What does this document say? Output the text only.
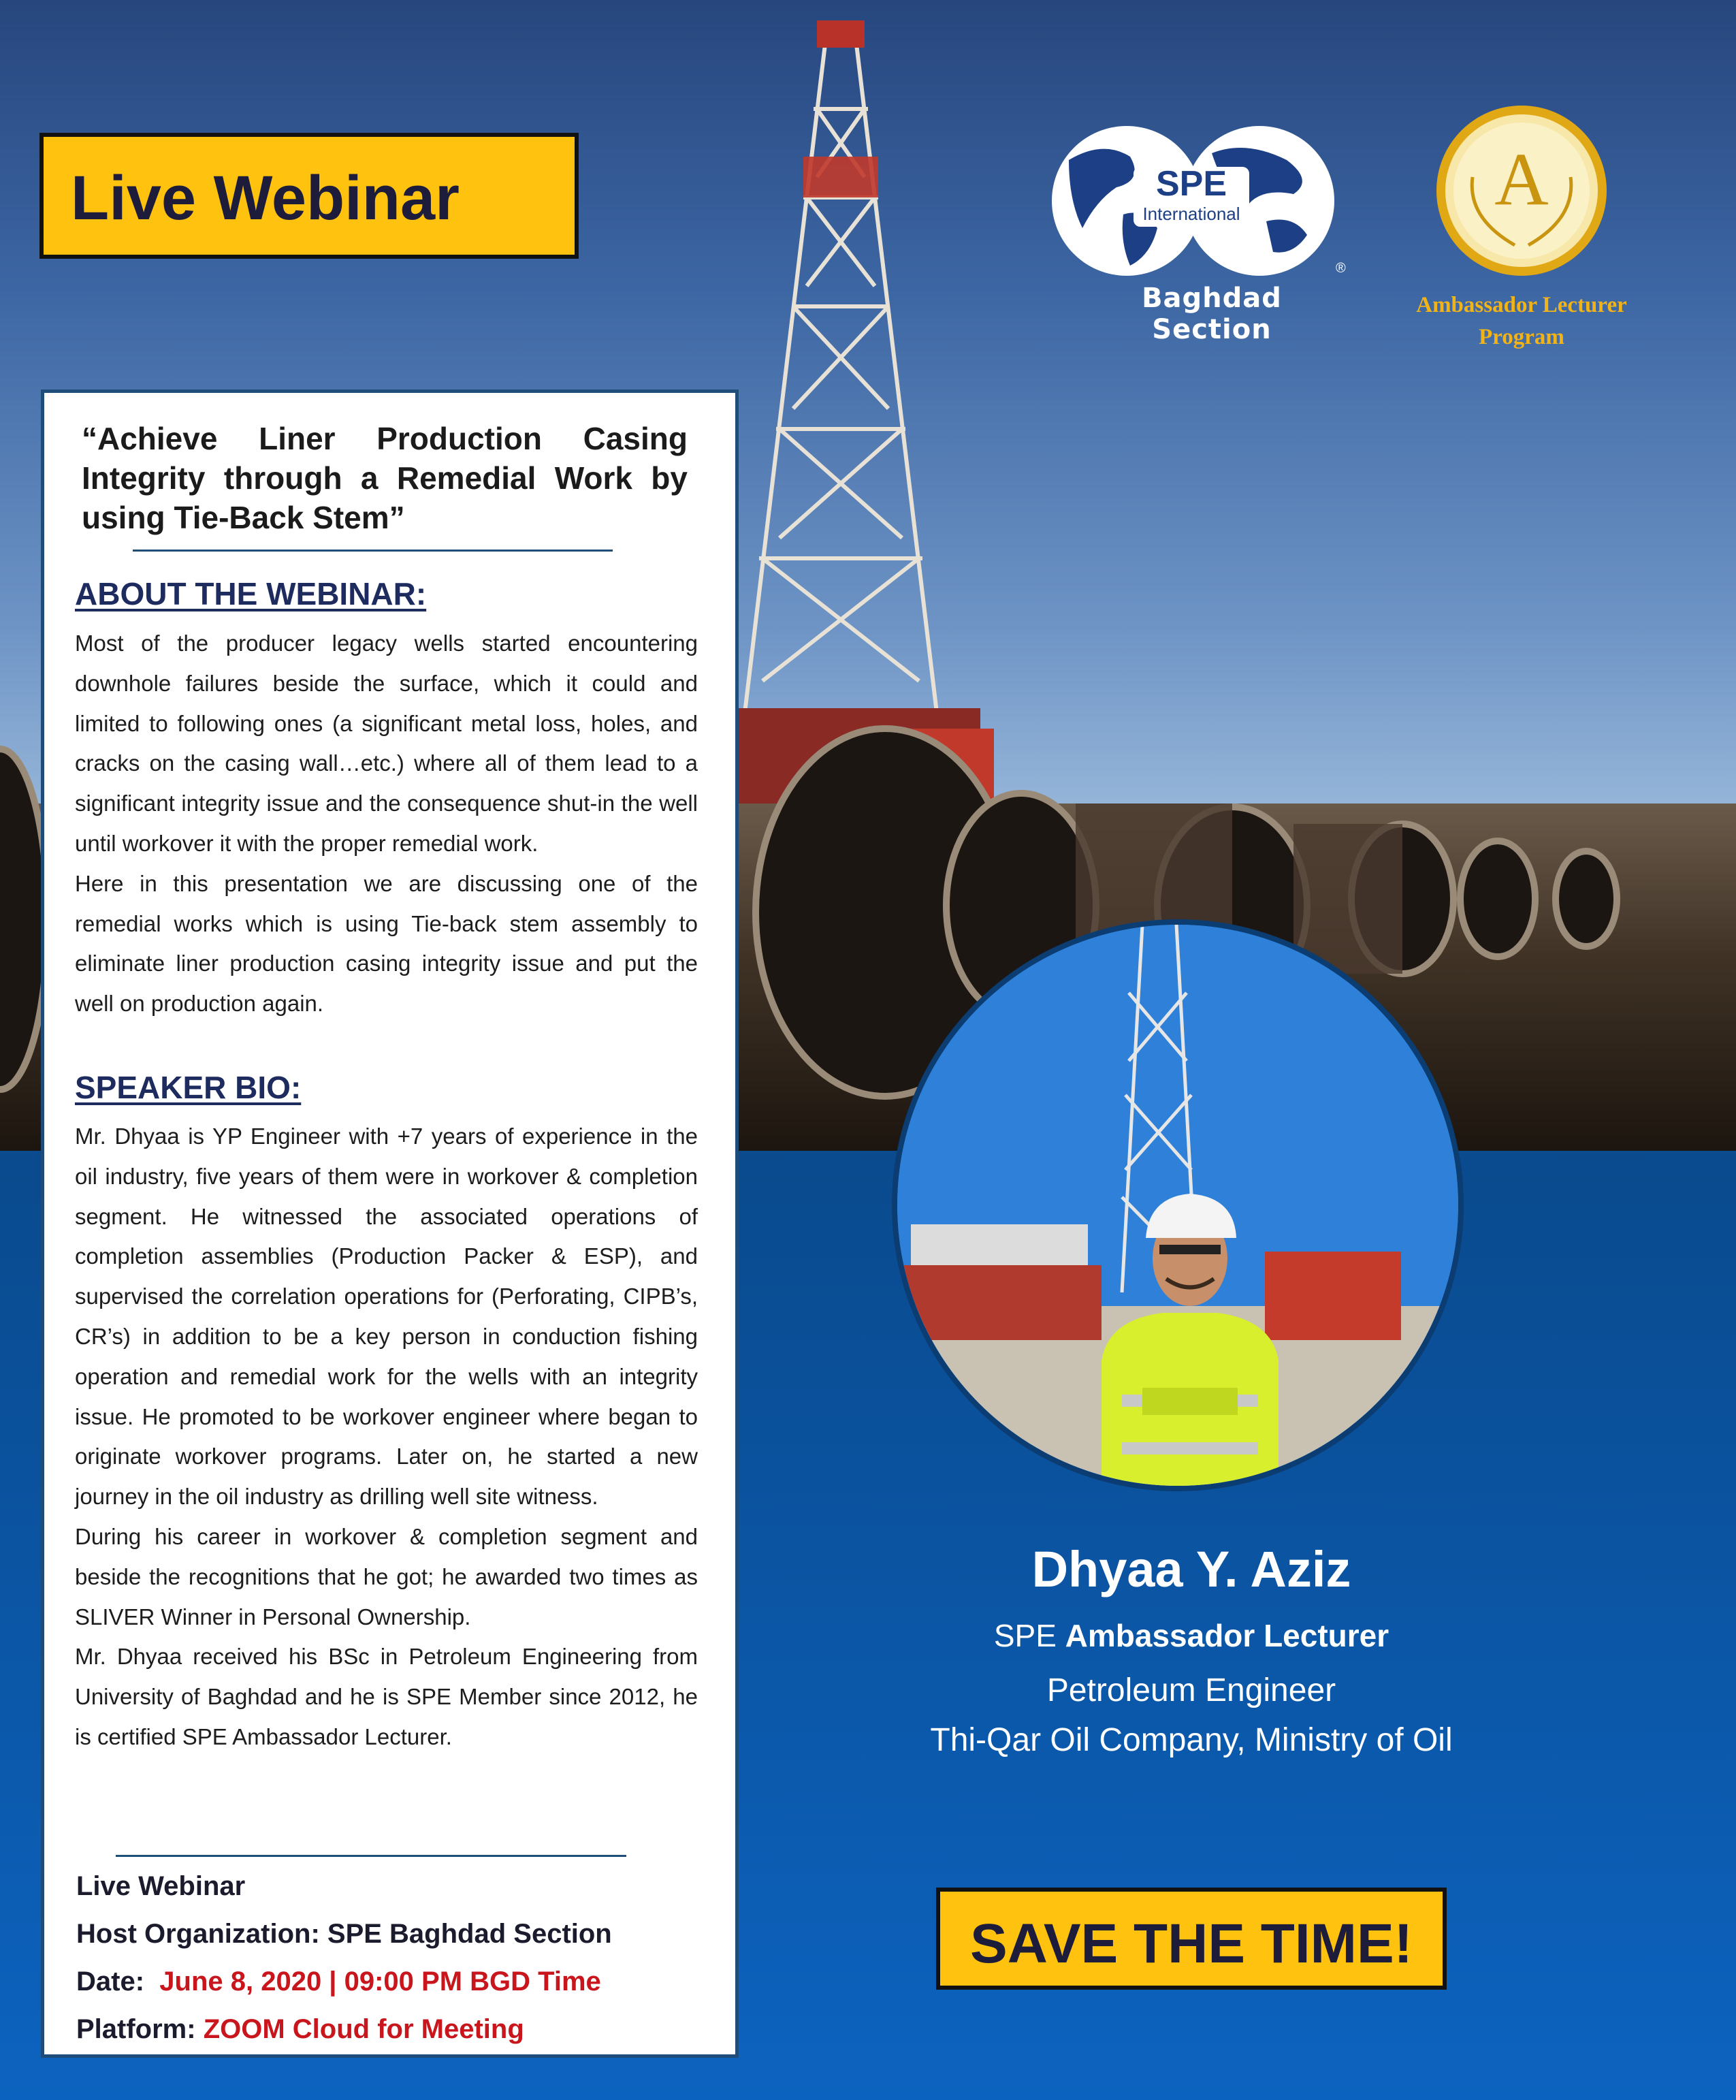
Live Webinar	SPE
International
®
Baghdad Section
A
Ambassador Lecturer
Program
“Achieve Liner Production Casing Integrity through a Remedial Work by using Tie-Back Stem”
ABOUT THE WEBINAR:

Most of the producer legacy wells started encountering downhole failures beside the surface, which it could and limited to following ones (a significant metal loss, holes, and cracks on the casing wall…etc.) where all of them lead to a significant integrity issue and the consequence shut-in the well until workover it with the proper remedial work.

Here in this presentation we are discussing one of the remedial works which is using Tie-back stem assembly to eliminate liner production casing integrity issue and put the well on production again.

SPEAKER BIO:

Mr. Dhyaa is YP Engineer with +7 years of experience in the oil industry, five years of them were in workover & completion segment. He witnessed the associated operations of completion assemblies (Production Packer & ESP), and supervised the correlation operations for (Perforating, CIPB’s, CR’s) in addition to be a key person in conduction fishing operation and remedial work for the wells with an integrity issue. He promoted to be workover engineer where began to originate workover programs. Later on, he started a new journey in the oil industry as drilling well site witness.

During his career in workover & completion segment and beside the recognitions that he got; he awarded two times as SLIVER Winner in Personal Ownership.

Mr. Dhyaa received his BSc in Petroleum Engineering from University of Baghdad and he is SPE Member since 2012, he is certified SPE Ambassador Lecturer.

Live Webinar
Host Organization: SPE Baghdad Section
Date: June 8, 2020 | 09:00 PM BGD Time
Platform: ZOOM Cloud for Meeting
Dhyaa Y. Aziz
SPE Ambassador Lecturer
Petroleum Engineer
Thi-Qar Oil Company, Ministry of Oil
SAVE THE TIME!
